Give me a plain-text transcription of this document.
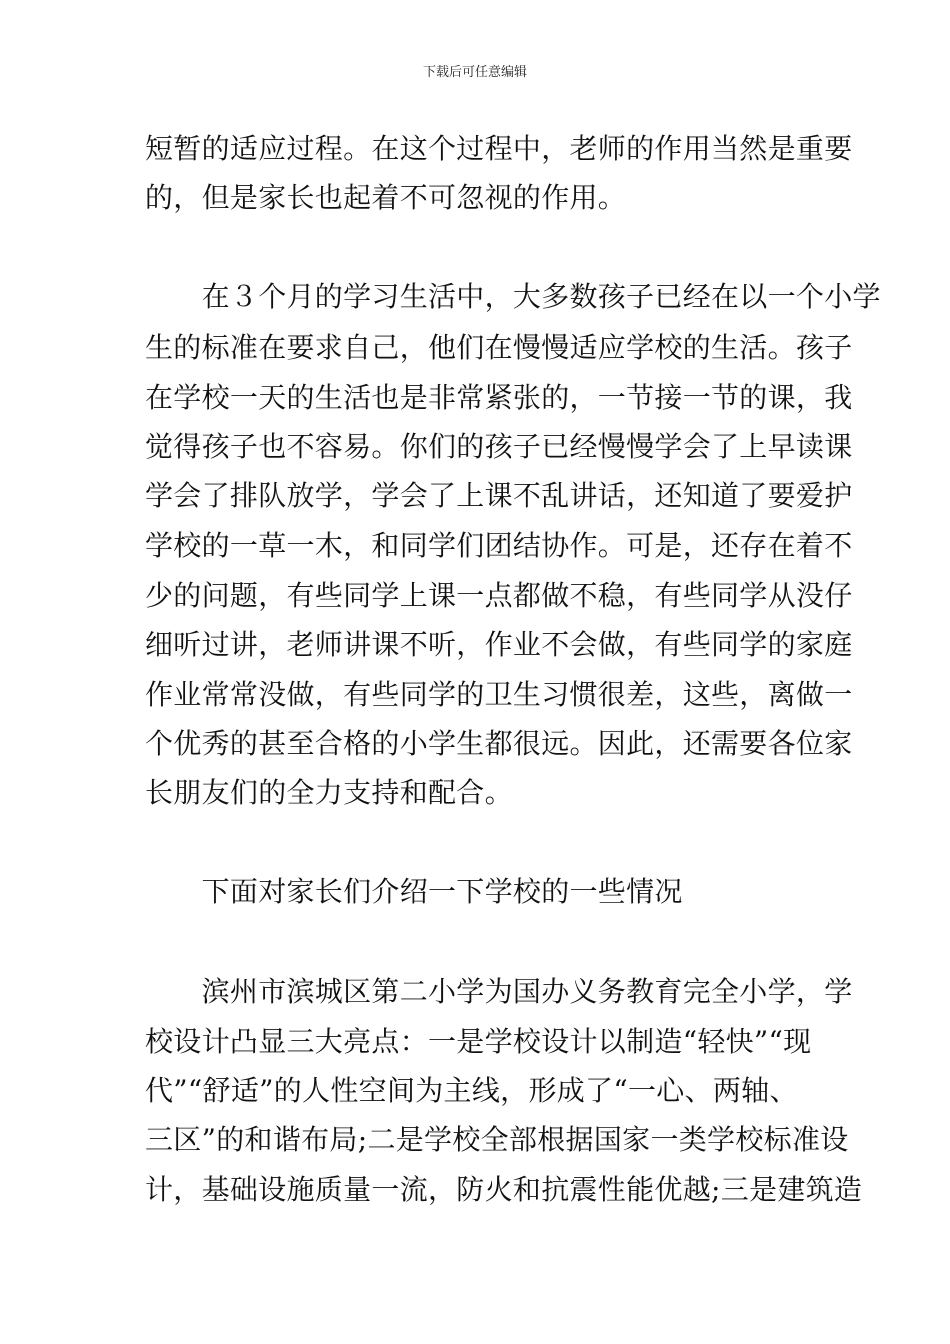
下载后可任意编辑
短暂的适应过程。在这个过程中，老师的作用当然是重要
的，但是家长也起着不可忽视的作用。
　　在３个月的学习生活中，大多数孩子已经在以一个小学
生的标准在要求自己，他们在慢慢适应学校的生活。孩子
在学校一天的生活也是非常紧张的，一节接一节的课，我
觉得孩子也不容易。你们的孩子已经慢慢学会了上早读课
学会了排队放学，学会了上课不乱讲话，还知道了要爱护
学校的一草一木，和同学们团结协作。可是，还存在着不
少的问题，有些同学上课一点都做不稳，有些同学从没仔
细听过讲，老师讲课不听，作业不会做，有些同学的家庭
作业常常没做，有些同学的卫生习惯很差，这些，离做一
个优秀的甚至合格的小学生都很远。因此，还需要各位家
长朋友们的全力支持和配合。
　　下面对家长们介绍一下学校的一些情况
　　滨州市滨城区第二小学为国办义务教育完全小学，学
校设计凸显三大亮点：一是学校设计以制造“轻快”“现
代”“舒适”的人性空间为主线，形成了“一心、两轴、
三区”的和谐布局;二是学校全部根据国家一类学校标准设
计，基础设施质量一流，防火和抗震性能优越;三是建筑造
